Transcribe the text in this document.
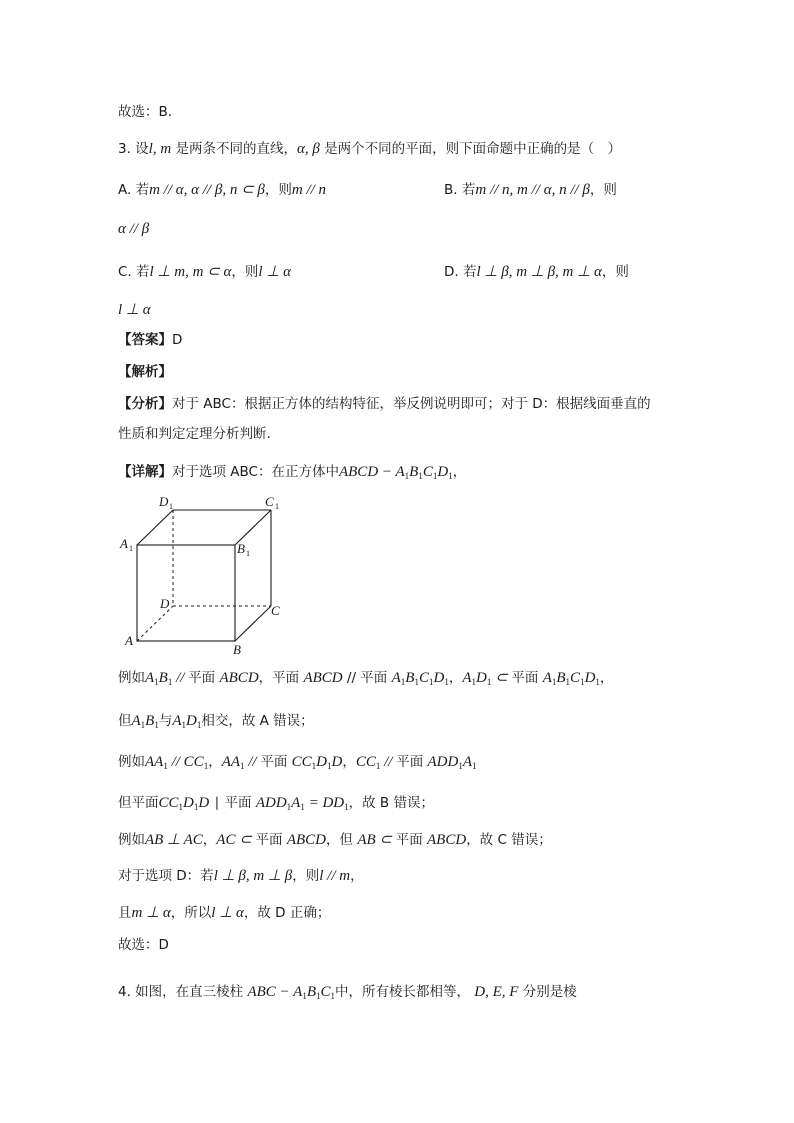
故选：B．
3. 设l, m 是两条不同的直线，α, β 是两个不同的平面，则下面命题中正确的是（　）
A. 若m // α, α // β, n ⊂ β，则m // n	B. 若m // n, m // α, n // β，则
α // β
C. 若l ⊥ m, m ⊂ α，则l ⊥ α	D. 若l ⊥ β, m ⊥ β, m ⊥ α，则
l ⊥ α
【答案】D
【解析】
【分析】对于 ABC：根据正方体的结构特征，举反例说明即可；对于 D：根据线面垂直的
性质和判定定理分析判断.
【详解】对于选项 ABC：在正方体中ABCD − $A_1B_1C_1D_1$，
D 1	C 1
A 1	B 1
D	C
A
B
例如$A_1B_1$ // 平面 ABCD，平面 ABCD // 平面 $A_1B_1C_1D_1$，$A_1D_1$ ⊂ 平面 $A_1B_1C_1D_1$，
但$A_1B_1$与$A_1D_1$相交，故 A 错误；
例如$AA_1 // CC_1$，$AA_1$ // 平面 $CC_1D_1D$，$CC_1$ // 平面 $ADD_1A_1$
但平面$CC_1D_1D$ ∣ 平面 $ADD_1A_1 = DD_1$，故 B 错误；
例如AB ⊥ AC，AC ⊂ 平面 ABCD，但 AB ⊂ 平面 ABCD，故 C 错误；
对于选项 D：若l ⊥ β, m ⊥ β，则l // m，
且m ⊥ α，所以l ⊥ α，故 D 正确；
故选：D
4. 如图，在直三棱柱 ABC − $A_1B_1C_1$中，所有棱长都相等， D, E, F 分别是棱
